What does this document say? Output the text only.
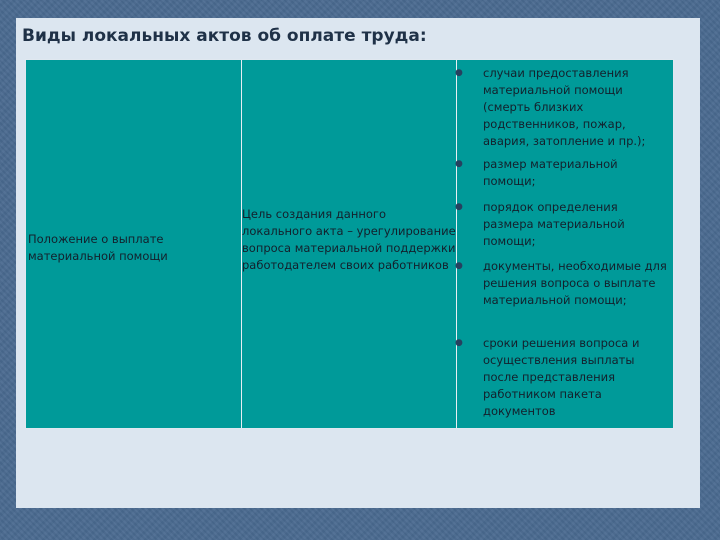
Виды локальных актов об оплате труда:
Положение о выплате материальной помощи
Цель создания данного локального акта – урегулирование вопроса материальной поддержки работодателем своих работников
● случаи предоставления материальной помощи (смерть близких родственников, пожар, авария, затопление и пр.);
● размер материальной помощи;
● порядок определения размера материальной помощи;
● документы, необходимые для решения вопроса о выплате материальной помощи;
● сроки решения вопроса и осуществления выплаты после представления работником пакета документов
